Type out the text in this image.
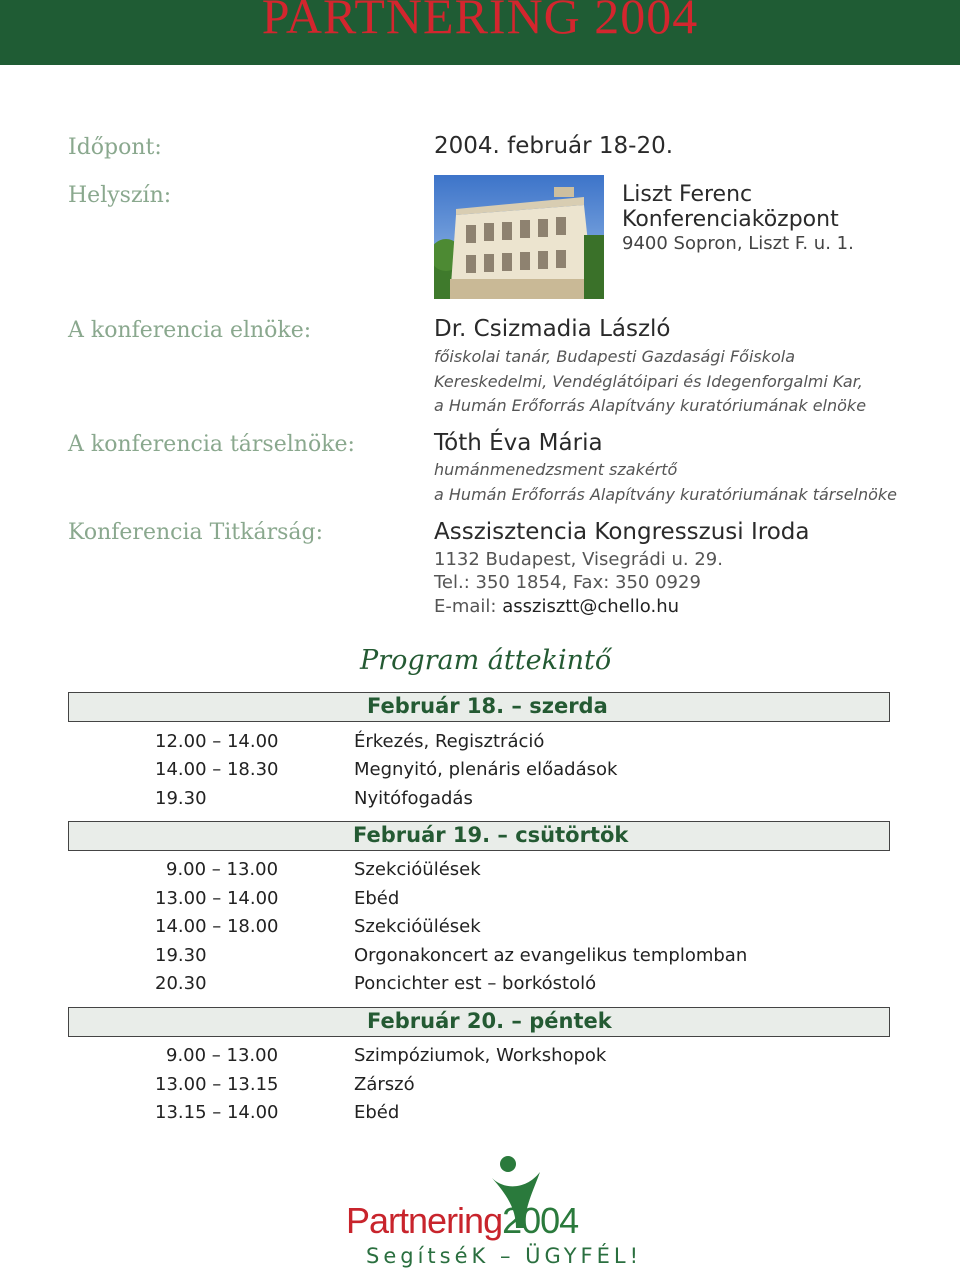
PARTNERING 2004
Időpont:	2004. február 18-20.
Helyszín:	Liszt Ferenc
Konferenciaközpont
9400 Sopron, Liszt F. u. 1.
A konferencia elnöke:	Dr. Csizmadia László
főiskolai tanár, Budapesti Gazdasági Főiskola
Kereskedelmi, Vendéglátóipari és Idegenforgalmi Kar,
a Humán Erőforrás Alapítvány kuratóriumának elnöke
A konferencia társelnöke:	Tóth Éva Mária
humánmenedzsment szakértő
a Humán Erőforrás Alapítvány kuratóriumának társelnöke
Konferencia Titkárság:	Asszisztencia Kongresszusi Iroda
1132 Budapest, Visegrádi u. 29.
Tel.: 350 1854, Fax: 350 0929
E-mail: asszisztt@chello.hu
Program áttekintő
Február 18. – szerda
12.00 – 14.00	Érkezés, Regisztráció
14.00 – 18.30	Megnyitó, plenáris előadások
19.30	Nyitófogadás
Február 19. – csütörtök
9.00 – 13.00	Szekcióülések
13.00 – 14.00	Ebéd
14.00 – 18.00	Szekcióülések
19.30	Orgonakoncert az evangelikus templomban
20.30	Poncichter est – borkóstoló
Február 20. – péntek
9.00 – 13.00	Szimpóziumok, Workshopok
13.00 – 13.15	Zárszó
13.15 – 14.00	Ebéd
Partnering2004
SegítséK – ÜGYFÉL!
